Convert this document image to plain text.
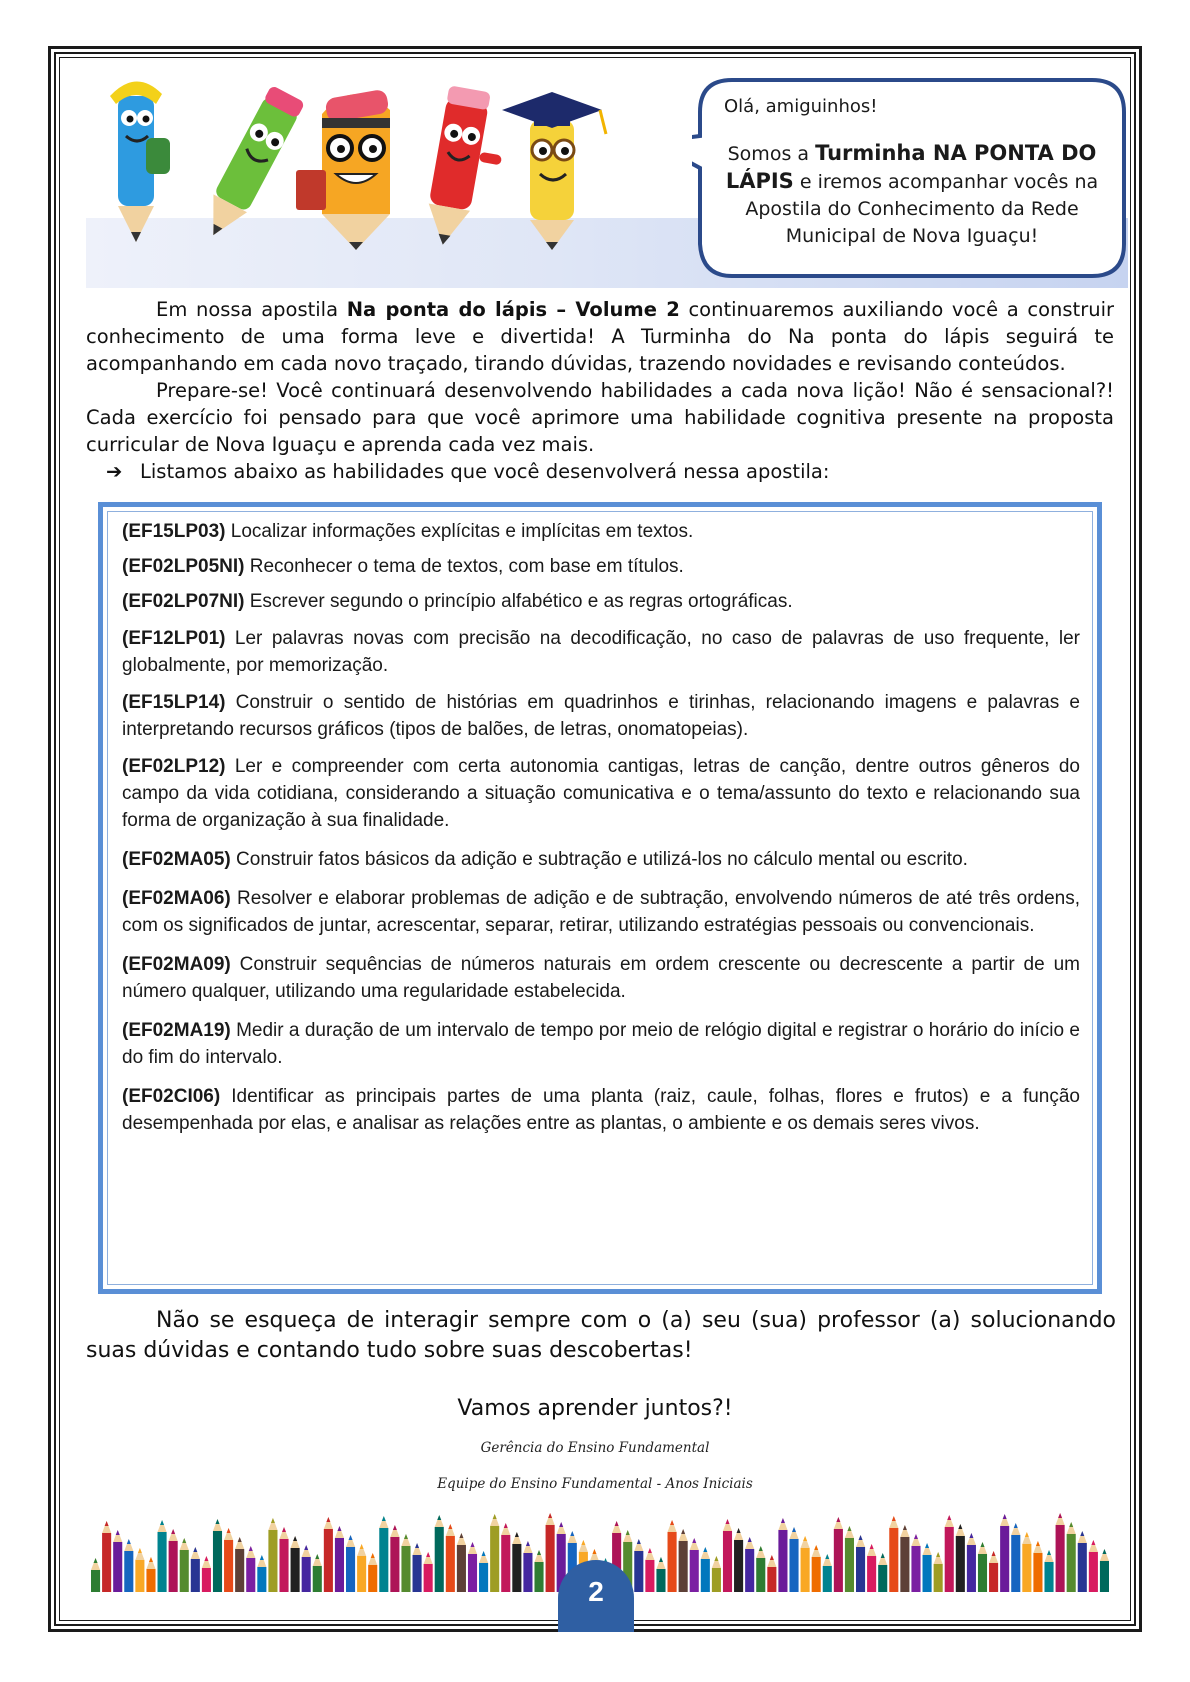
Olá, amiguinhos!
Somos a Turminha NA PONTA DO LÁPIS e iremos acompanhar vocês na Apostila do Conhecimento da Rede Municipal de Nova Iguaçu!

Em nossa apostila Na ponta do lápis – Volume 2 continuaremos auxiliando você a construir conhecimento de uma forma leve e divertida! A Turminha do Na ponta do lápis seguirá te acompanhando em cada novo traçado, tirando dúvidas, trazendo novidades e revisando conteúdos.

Prepare-se! Você continuará desenvolvendo habilidades a cada nova lição! Não é sensacional?! Cada exercício foi pensado para que você aprimore uma habilidade cognitiva presente na proposta curricular de Nova Iguaçu e aprenda cada vez mais.

➔ Listamos abaixo as habilidades que você desenvolverá nessa apostila:

(EF15LP03) Localizar informações explícitas e implícitas em textos.

(EF02LP05NI) Reconhecer o tema de textos, com base em títulos.

(EF02LP07NI) Escrever segundo o princípio alfabético e as regras ortográficas.

(EF12LP01) Ler palavras novas com precisão na decodificação, no caso de palavras de uso frequente, ler globalmente, por memorização.

(EF15LP14) Construir o sentido de histórias em quadrinhos e tirinhas, relacionando imagens e palavras e interpretando recursos gráficos (tipos de balões, de letras, onomatopeias).

(EF02LP12) Ler e compreender com certa autonomia cantigas, letras de canção, dentre outros gêneros do campo da vida cotidiana, considerando a situação comunicativa e o tema/assunto do texto e relacionando sua forma de organização à sua finalidade.

(EF02MA05) Construir fatos básicos da adição e subtração e utilizá-los no cálculo mental ou escrito.

(EF02MA06) Resolver e elaborar problemas de adição e de subtração, envolvendo números de até três ordens, com os significados de juntar, acrescentar, separar, retirar, utilizando estratégias pessoais ou convencionais.

(EF02MA09) Construir sequências de números naturais em ordem crescente ou decrescente a partir de um número qualquer, utilizando uma regularidade estabelecida.

(EF02MA19) Medir a duração de um intervalo de tempo por meio de relógio digital e registrar o horário do início e do fim do intervalo.

(EF02CI06) Identificar as principais partes de uma planta (raiz, caule, folhas, flores e frutos) e a função desempenhada por elas, e analisar as relações entre as plantas, o ambiente e os demais seres vivos.

Não se esqueça de interagir sempre com o (a) seu (sua) professor (a) solucionando suas dúvidas e contando tudo sobre suas descobertas!

Vamos aprender juntos?!
Gerência do Ensino Fundamental
Equipe do Ensino Fundamental - Anos Iniciais
2
